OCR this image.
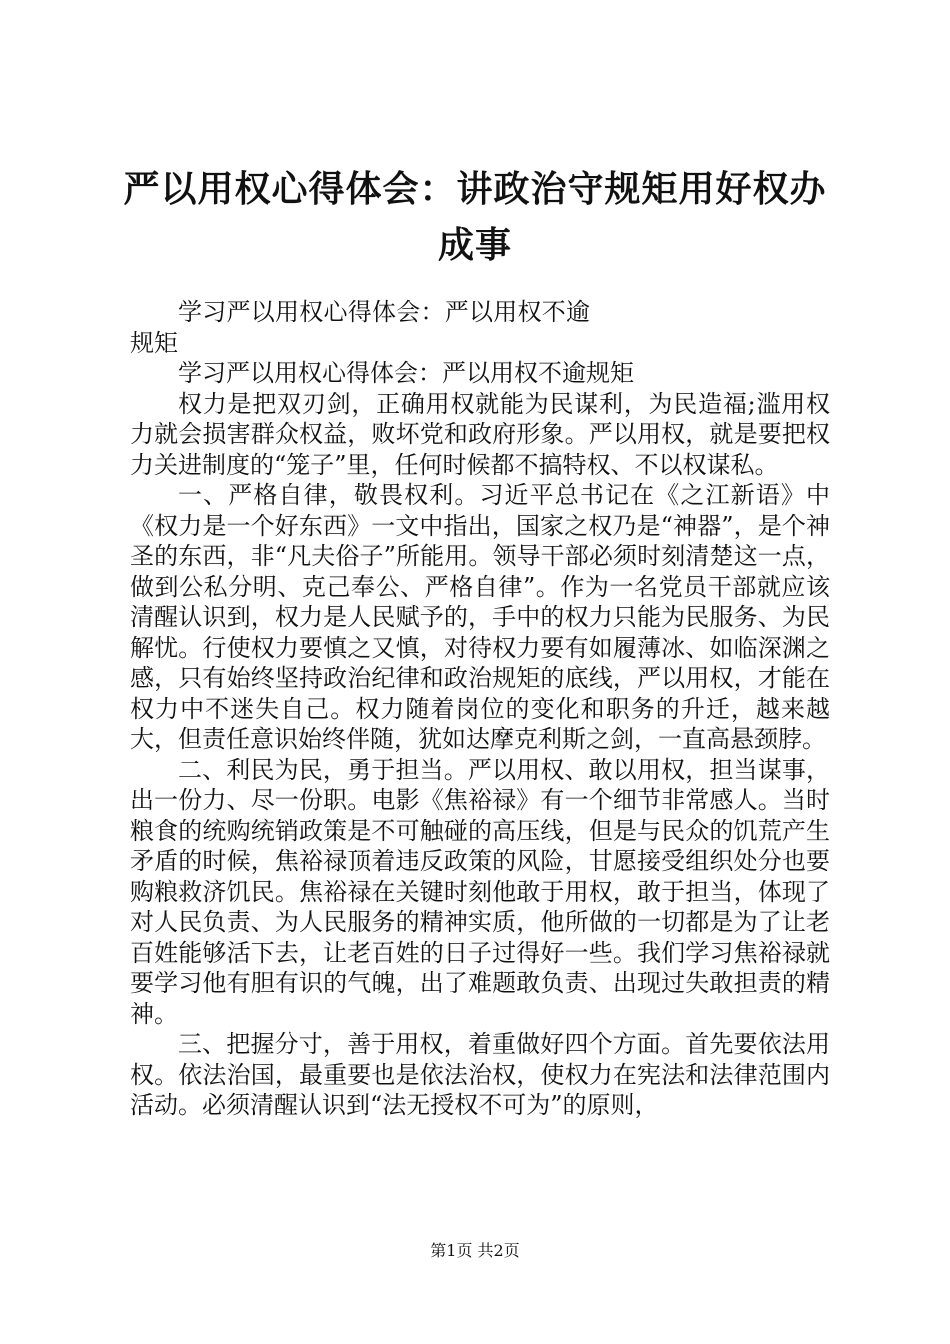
严以用权心得体会：讲政治守规矩用好权办成事

学习严以用权心得体会：严以用权不逾规矩

学习严以用权心得体会：严以用权不逾规矩

权力是把双刃剑，正确用权就能为民谋利，为民造福;滥用权力就会损害群众权益，败坏党和政府形象。严以用权，就是要把权力关进制度的“笼子”里，任何时候都不搞特权、不以权谋私。

一、严格自律，敬畏权利。习近平总书记在《之江新语》中《权力是一个好东西》一文中指出，国家之权乃是“神器”，是个神圣的东西，非“凡夫俗子”所能用。领导干部必须时刻清楚这一点，做到公私分明、克己奉公、严格自律”。作为一名党员干部就应该清醒认识到，权力是人民赋予的，手中的权力只能为民服务、为民解忧。行使权力要慎之又慎，对待权力要有如履薄冰、如临深渊之感，只有始终坚持政治纪律和政治规矩的底线，严以用权，才能在权力中不迷失自己。权力随着岗位的变化和职务的升迁，越来越大，但责任意识始终伴随，犹如达摩克利斯之剑，一直高悬颈脖。

二、利民为民，勇于担当。严以用权、敢以用权，担当谋事，出一份力、尽一份职。电影《焦裕禄》有一个细节非常感人。当时粮食的统购统销政策是不可触碰的高压线，但是与民众的饥荒产生矛盾的时候，焦裕禄顶着违反政策的风险，甘愿接受组织处分也要购粮救济饥民。焦裕禄在关键时刻他敢于用权，敢于担当，体现了对人民负责、为人民服务的精神实质，他所做的一切都是为了让老百姓能够活下去，让老百姓的日子过得好一些。我们学习焦裕禄就要学习他有胆有识的气魄，出了难题敢负责、出现过失敢担责的精神。

三、把握分寸，善于用权，着重做好四个方面。首先要依法用权。依法治国，最重要也是依法治权，使权力在宪法和法律范围内活动。必须清醒认识到“法无授权不可为”的原则，

第1页 共2页
